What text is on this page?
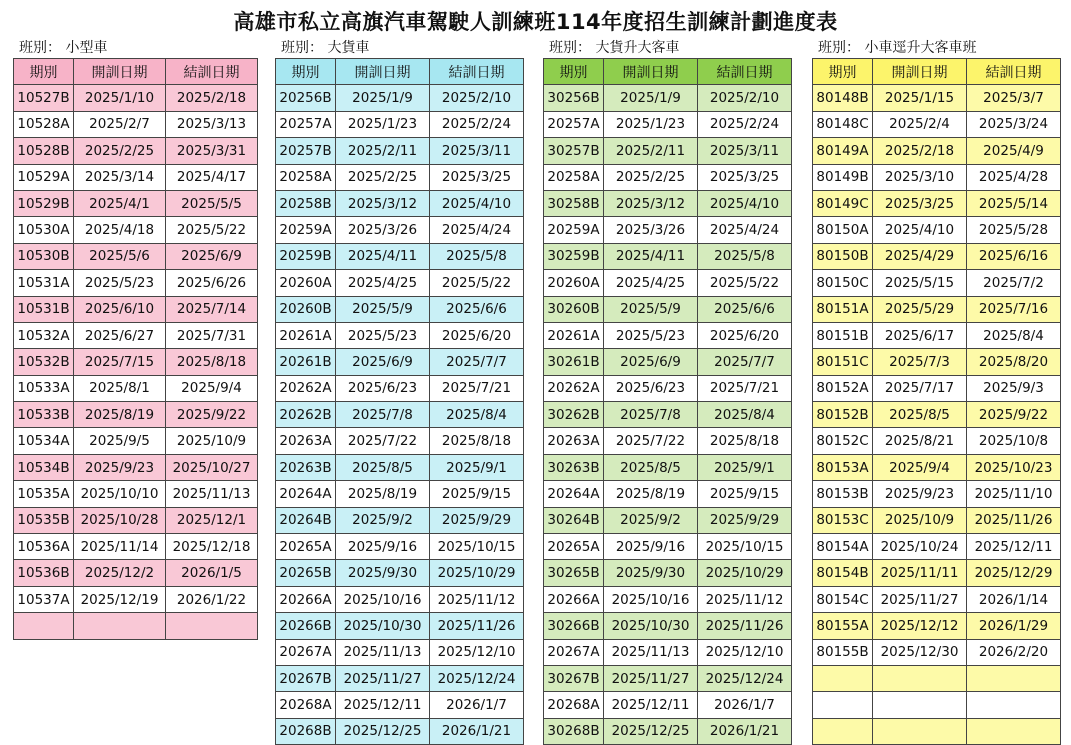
高雄市私立高旗汽車駕駛人訓練班114年度招生訓練計劃進度表
班別： 小型車
期別	開訓日期	結訓日期
10527B	2025/1/10	2025/2/18
10528A	2025/2/7	2025/3/13
10528B	2025/2/25	2025/3/31
10529A	2025/3/14	2025/4/17
10529B	2025/4/1	2025/5/5
10530A	2025/4/18	2025/5/22
10530B	2025/5/6	2025/6/9
10531A	2025/5/23	2025/6/26
10531B	2025/6/10	2025/7/14
10532A	2025/6/27	2025/7/31
10532B	2025/7/15	2025/8/18
10533A	2025/8/1	2025/9/4
10533B	2025/8/19	2025/9/22
10534A	2025/9/5	2025/10/9
10534B	2025/9/23	2025/10/27
10535A	2025/10/10	2025/11/13
10535B	2025/10/28	2025/12/1
10536A	2025/11/14	2025/12/18
10536B	2025/12/2	2026/1/5
10537A	2025/12/19	2026/1/22

班別： 大貨車
期別	開訓日期	結訓日期
20256B	2025/1/9	2025/2/10
20257A	2025/1/23	2025/2/24
20257B	2025/2/11	2025/3/11
20258A	2025/2/25	2025/3/25
20258B	2025/3/12	2025/4/10
20259A	2025/3/26	2025/4/24
20259B	2025/4/11	2025/5/8
20260A	2025/4/25	2025/5/22
20260B	2025/5/9	2025/6/6
20261A	2025/5/23	2025/6/20
20261B	2025/6/9	2025/7/7
20262A	2025/6/23	2025/7/21
20262B	2025/7/8	2025/8/4
20263A	2025/7/22	2025/8/18
20263B	2025/8/5	2025/9/1
20264A	2025/8/19	2025/9/15
20264B	2025/9/2	2025/9/29
20265A	2025/9/16	2025/10/15
20265B	2025/9/30	2025/10/29
20266A	2025/10/16	2025/11/12
20266B	2025/10/30	2025/11/26
20267A	2025/11/13	2025/12/10
20267B	2025/11/27	2025/12/24
20268A	2025/12/11	2026/1/7
20268B	2025/12/25	2026/1/21
班別： 大貨升大客車
期別	開訓日期	結訓日期
30256B	2025/1/9	2025/2/10
20257A	2025/1/23	2025/2/24
30257B	2025/2/11	2025/3/11
20258A	2025/2/25	2025/3/25
30258B	2025/3/12	2025/4/10
20259A	2025/3/26	2025/4/24
30259B	2025/4/11	2025/5/8
20260A	2025/4/25	2025/5/22
30260B	2025/5/9	2025/6/6
20261A	2025/5/23	2025/6/20
30261B	2025/6/9	2025/7/7
20262A	2025/6/23	2025/7/21
30262B	2025/7/8	2025/8/4
20263A	2025/7/22	2025/8/18
30263B	2025/8/5	2025/9/1
20264A	2025/8/19	2025/9/15
30264B	2025/9/2	2025/9/29
20265A	2025/9/16	2025/10/15
30265B	2025/9/30	2025/10/29
20266A	2025/10/16	2025/11/12
30266B	2025/10/30	2025/11/26
20267A	2025/11/13	2025/12/10
30267B	2025/11/27	2025/12/24
20268A	2025/12/11	2026/1/7
30268B	2025/12/25	2026/1/21
班別： 小車逕升大客車班
期別	開訓日期	結訓日期
80148B	2025/1/15	2025/3/7
80148C	2025/2/4	2025/3/24
80149A	2025/2/18	2025/4/9
80149B	2025/3/10	2025/4/28
80149C	2025/3/25	2025/5/14
80150A	2025/4/10	2025/5/28
80150B	2025/4/29	2025/6/16
80150C	2025/5/15	2025/7/2
80151A	2025/5/29	2025/7/16
80151B	2025/6/17	2025/8/4
80151C	2025/7/3	2025/8/20
80152A	2025/7/17	2025/9/3
80152B	2025/8/5	2025/9/22
80152C	2025/8/21	2025/10/8
80153A	2025/9/4	2025/10/23
80153B	2025/9/23	2025/11/10
80153C	2025/10/9	2025/11/26
80154A	2025/10/24	2025/12/11
80154B	2025/11/11	2025/12/29
80154C	2025/11/27	2026/1/14
80155A	2025/12/12	2026/1/29
80155B	2025/12/30	2026/2/20
